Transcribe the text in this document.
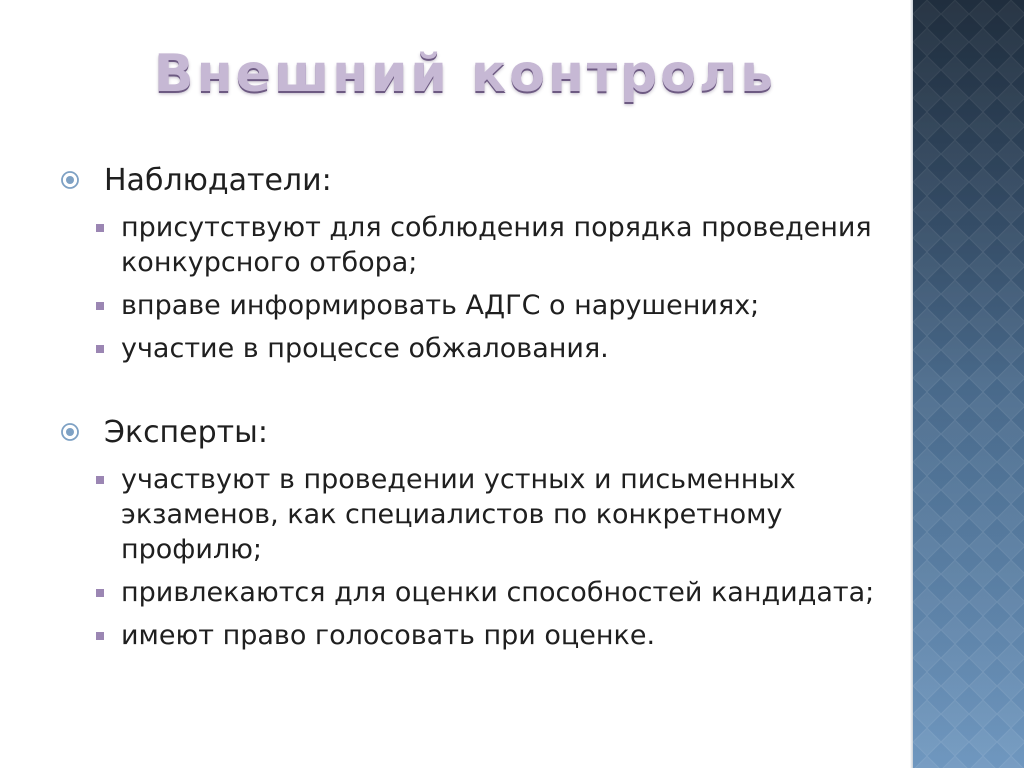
Внешний контроль
Наблюдатели:
присутствуют для соблюдения порядка проведения конкурсного отбора;
вправе информировать АДГС о нарушениях;
участие в процессе обжалования.
Эксперты:
участвуют в проведении устных и письменных экзаменов, как специалистов по конкретному профилю;
привлекаются для оценки способностей кандидата;
имеют право голосовать при оценке.
